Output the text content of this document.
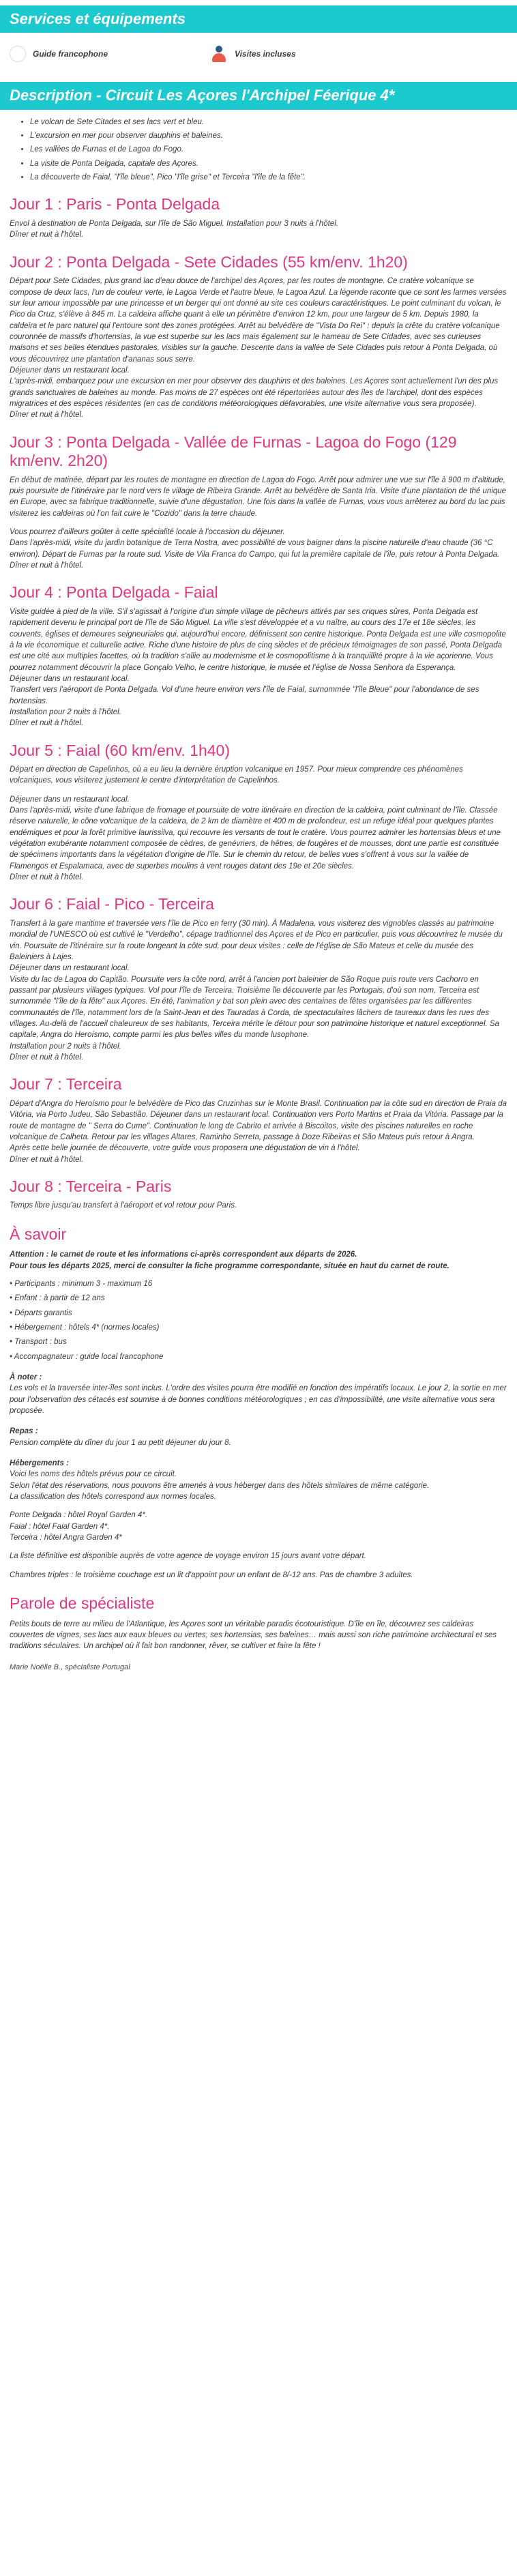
Services et équipements
Guide francophone	Visites incluses
Description - Circuit Les Açores l'Archipel Féerique 4*
• Le volcan de Sete Citades et ses lacs vert et bleu.
• L'excursion en mer pour observer dauphins et baleines.
• Les vallées de Furnas et de Lagoa do Fogo.
• La visite de Ponta Delgada, capitale des Açores.
• La découverte de Faial, "l'île bleue", Pico "l'île grise" et Terceira "l'île de la fête".
Jour 1 : Paris - Ponta Delgada

Envol à destination de Ponta Delgada, sur l'île de São Miguel. Installation pour 3 nuits à l'hôtel.
Dîner et nuit à l'hôtel.

Jour 2 : Ponta Delgada - Sete Cidades (55 km/env. 1h20)

Départ pour Sete Cidades, plus grand lac d'eau douce de l'archipel des Açores, par les routes de montagne. Ce cratère volcanique se compose de deux lacs, l'un de couleur verte, le Lagoa Verde et l'autre bleue, le Lagoa Azul. La légende raconte que ce sont les larmes versées sur leur amour impossible par une princesse et un berger qui ont donné au site ces couleurs caractéristiques. Le point culminant du volcan, le Pico da Cruz, s'élève à 845 m. La caldeira affiche quant à elle un périmètre d'environ 12 km, pour une largeur de 5 km. Depuis 1980, la caldeira et le parc naturel qui l'entoure sont des zones protégées. Arrêt au belvédère de "Vista Do Rei" : depuis la crête du cratère volcanique couronnée de massifs d'hortensias, la vue est superbe sur les lacs mais également sur le hameau de Sete Cidades, avec ses curieuses maisons et ses belles étendues pastorales, visibles sur la gauche. Descente dans la vallée de Sete Cidades puis retour à Ponta Delgada, où vous découvrirez une plantation d'ananas sous serre.
Déjeuner dans un restaurant local.
L'après-midi, embarquez pour une excursion en mer pour observer des dauphins et des baleines. Les Açores sont actuellement l'un des plus grands sanctuaires de baleines au monde. Pas moins de 27 espèces ont été répertoriées autour des îles de l'archipel, dont des espèces migratrices et des espèces résidentes (en cas de conditions météorologiques défavorables, une visite alternative vous sera proposée).
Dîner et nuit à l'hôtel.

Jour 3 : Ponta Delgada - Vallée de Furnas - Lagoa do Fogo (129 km/env. 2h20)

En début de matinée, départ par les routes de montagne en direction de Lagoa do Fogo. Arrêt pour admirer une vue sur l'île à 900 m d'altitude, puis poursuite de l'itinéraire par le nord vers le village de Ribeira Grande. Arrêt au belvédère de Santa Iria. Visite d'une plantation de thé unique en Europe, avec sa fabrique traditionnelle, suivie d'une dégustation. Une fois dans la vallée de Furnas, vous vous arrêterez au bord du lac puis visiterez les caldeiras où l'on fait cuire le "Cozido" dans la terre chaude.

Vous pourrez d'ailleurs goûter à cette spécialité locale à l'occasion du déjeuner.
Dans l'après-midi, visite du jardin botanique de Terra Nostra, avec possibilité de vous baigner dans la piscine naturelle d'eau chaude (36 °C environ). Départ de Furnas par la route sud. Visite de Vila Franca do Campo, qui fut la première capitale de l'île, puis retour à Ponta Delgada.
Dîner et nuit à l'hôtel.

Jour 4 : Ponta Delgada - Faial

Visite guidée à pied de la ville. S'il s'agissait à l'origine d'un simple village de pêcheurs attirés par ses criques sûres, Ponta Delgada est rapidement devenu le principal port de l'île de São Miguel. La ville s'est développée et a vu naître, au cours des 17e et 18e siècles, les couvents, églises et demeures seigneuriales qui, aujourd'hui encore, définissent son centre historique. Ponta Delgada est une ville cosmopolite à la vie économique et culturelle active. Riche d'une histoire de plus de cinq siècles et de précieux témoignages de son passé, Ponta Delgada est une cité aux multiples facettes, où la tradition s'allie au modernisme et le cosmopolitisme à la tranquillité propre à la vie açorienne. Vous pourrez notamment découvrir la place Gonçalo Velho, le centre historique, le musée et l'église de Nossa Senhora da Esperança.
Déjeuner dans un restaurant local.
Transfert vers l'aéroport de Ponta Delgada. Vol d'une heure environ vers l'île de Faial, surnommée "l'île Bleue" pour l'abondance de ses hortensias.
Installation pour 2 nuits à l'hôtel.
Dîner et nuit à l'hôtel.

Jour 5 : Faial (60 km/env. 1h40)

Départ en direction de Capelinhos, où a eu lieu la dernière éruption volcanique en 1957. Pour mieux comprendre ces phénomènes volcaniques, vous visiterez justement le centre d'interprétation de Capelinhos.

Déjeuner dans un restaurant local.
Dans l'après-midi, visite d'une fabrique de fromage et poursuite de votre itinéraire en direction de la caldeira, point culminant de l'île. Classée réserve naturelle, le cône volcanique de la caldeira, de 2 km de diamètre et 400 m de profondeur, est un refuge idéal pour quelques plantes endémiques et pour la forêt primitive laurissilva, qui recouvre les versants de tout le cratère. Vous pourrez admirer les hortensias bleus et une végétation exubérante notamment composée de cèdres, de genévriers, de hêtres, de fougères et de mousses, dont une partie est constituée de spécimens importants dans la végétation d'origine de l'île. Sur le chemin du retour, de belles vues s'offrent à vous sur la vallée de Flamengos et Espalamaca, avec de superbes moulins à vent rouges datant des 19e et 20e siècles.
Dîner et nuit à l'hôtel.

Jour 6 : Faial - Pico - Terceira

Transfert à la gare maritime et traversée vers l'île de Pico en ferry (30 min). À Madalena, vous visiterez des vignobles classés au patrimoine mondial de l'UNESCO où est cultivé le "Verdelho", cépage traditionnel des Açores et de Pico en particulier, puis vous découvrirez le musée du vin. Poursuite de l'itinéraire sur la route longeant la côte sud, pour deux visites : celle de l'église de São Mateus et celle du musée des Baleiniers à Lajes.
Déjeuner dans un restaurant local.
Visite du lac de Lagoa do Capitão. Poursuite vers la côte nord, arrêt à l'ancien port baleinier de São Roque puis route vers Cachorro en passant par plusieurs villages typiques. Vol pour l'île de Terceira. Troisième île découverte par les Portugais, d'où son nom, Terceira est surnommée "l'île de la fête" aux Açores. En été, l'animation y bat son plein avec des centaines de fêtes organisées par les différentes communautés de l'île, notamment lors de la Saint-Jean et des Tauradas à Corda, de spectaculaires lâchers de taureaux dans les rues des villages. Au-delà de l'accueil chaleureux de ses habitants, Terceira mérite le détour pour son patrimoine historique et naturel exceptionnel. Sa capitale, Angra do Heroísmo, compte parmi les plus belles villes du monde lusophone.
Installation pour 2 nuits à l'hôtel.
Dîner et nuit à l'hôtel.

Jour 7 : Terceira

Départ d'Angra do Heroísmo pour le belvédère de Pico das Cruzinhas sur le Monte Brasil. Continuation par la côte sud en direction de Praia da Vitória, via Porto Judeu, São Sebastião. Déjeuner dans un restaurant local. Continuation vers Porto Martins et Praia da Vitória. Passage par la route de montagne de " Serra do Cume". Continuation le long de Cabrito et arrivée à Biscoitos, visite des piscines naturelles en roche volcanique de Calheta. Retour par les villages Altares, Raminho Serreta, passage à Doze Ribeiras et São Mateus puis retour à Angra.
Après cette belle journée de découverte, votre guide vous proposera une dégustation de vin à l'hôtel.
Dîner et nuit à l'hôtel.

Jour 8 : Terceira - Paris

Temps libre jusqu'au transfert à l'aéroport et vol retour pour Paris.

À savoir

Attention : le carnet de route et les informations ci-après correspondent aux départs de 2026.
Pour tous les départs 2025, merci de consulter la fiche programme correspondante, située en haut du carnet de route.

• Participants : minimum 3 - maximum 16
• Enfant : à partir de 12 ans
• Départs garantis
• Hébergement : hôtels 4* (normes locales)
• Transport : bus
• Accompagnateur : guide local francophone
À noter :

Les vols et la traversée inter-îles sont inclus. L'ordre des visites pourra être modifié en fonction des impératifs locaux. Le jour 2, la sortie en mer pour l'observation des cétacés est soumise à de bonnes conditions météorologiques ; en cas d'impossibilité, une visite alternative vous sera proposée.

Repas :

Pension complète du dîner du jour 1 au petit déjeuner du jour 8.

Hébergements :

Voici les noms des hôtels prévus pour ce circuit.
Selon l'état des réservations, nous pouvons être amenés à vous héberger dans des hôtels similaires de même catégorie.
La classification des hôtels correspond aux normes locales.

Ponte Delgada : hôtel Royal Garden 4*.
Faial : hôtel Faial Garden 4*.
Terceira : hôtel Angra Garden 4*

La liste définitive est disponible auprès de votre agence de voyage environ 15 jours avant votre départ.

Chambres triples : le troisième couchage est un lit d'appoint pour un enfant de 8/-12 ans. Pas de chambre 3 adultes.

Parole de spécialiste

Petits bouts de terre au milieu de l'Atlantique, les Açores sont un véritable paradis écotouristique. D'île en île, découvrez ses caldeiras couvertes de vignes, ses lacs aux eaux bleues ou vertes, ses hortensias, ses baleines… mais aussi son riche patrimoine architectural et ses traditions séculaires. Un archipel où il fait bon randonner, rêver, se cultiver et faire la fête !

Marie Noëlle B., spécialiste Portugal
